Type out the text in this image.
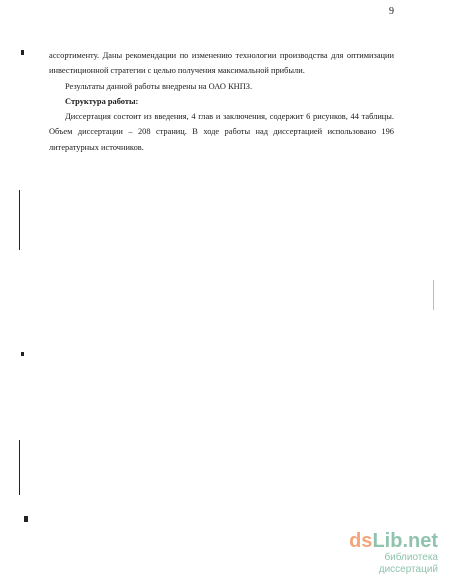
9

ассортименту. Даны рекомендации по изменению технологии производства для оптимизации инвестиционной стратегии с целью получения максимальной прибыли.

Результаты данной работы внедрены на ОАО КНПЗ.

Структура работы:

Диссертация состоит из введения, 4 глав и заключения, содержит 6 рисунков, 44 таблицы. Объем диссертации – 208 страниц. В ходе работы над диссертацией использовано 196 литературных источников.

dsLib.net
библиотека диссертаций
